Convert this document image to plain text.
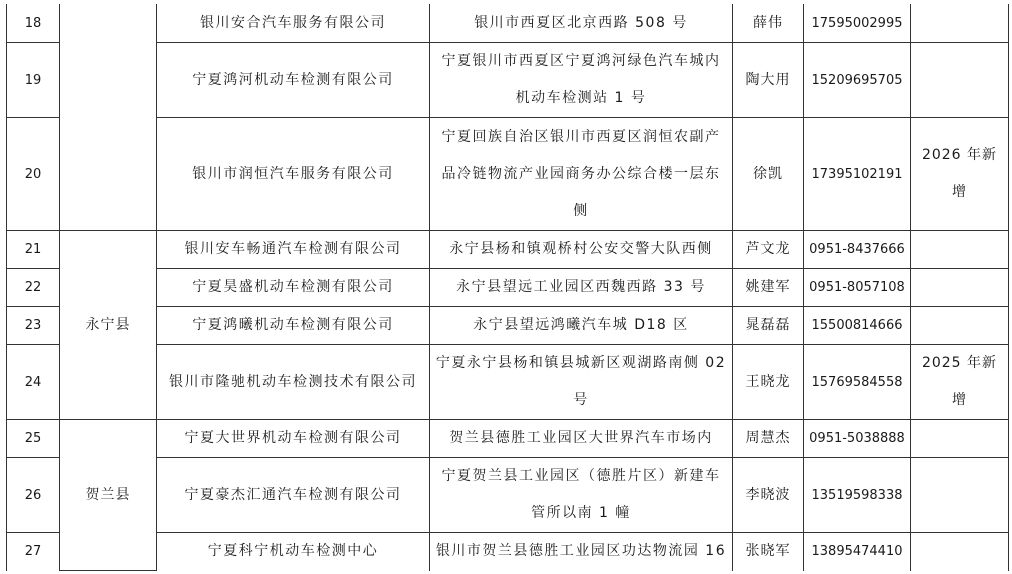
18		银川安合汽车服务有限公司	银川市西夏区北京西路 508 号	薛伟	17595002995	
19		宁夏鸿河机动车检测有限公司	宁夏银川市西夏区宁夏鸿河绿色汽车城内机动车检测站 1 号	陶大用	15209695705	
20		银川市润恒汽车服务有限公司	宁夏回族自治区银川市西夏区润恒农副产品冷链物流产业园商务办公综合楼一层东侧	徐凯	17395102191	2026 年新增
21	永宁县	银川安车畅通汽车检测有限公司	永宁县杨和镇观桥村公安交警大队西侧	芦文龙	0951-8437666	
22		宁夏昊盛机动车检测有限公司	永宁县望远工业园区西魏西路 33 号	姚建军	0951-8057108	
23		宁夏鸿曦机动车检测有限公司	永宁县望远鸿曦汽车城 D18 区	晁磊磊	15500814666	
24		银川市隆驰机动车检测技术有限公司	宁夏永宁县杨和镇县城新区观湖路南侧 02 号	王晓龙	15769584558	2025 年新增
25	贺兰县	宁夏大世界机动车检测有限公司	贺兰县德胜工业园区大世界汽车市场内	周慧杰	0951-5038888	
26		宁夏豪杰汇通汽车检测有限公司	宁夏贺兰县工业园区（德胜片区）新建车管所以南 1 幢	李晓波	13519598338	
27		宁夏科宁机动车检测中心	银川市贺兰县德胜工业园区功达物流园 16	张晓军	13895474410	
